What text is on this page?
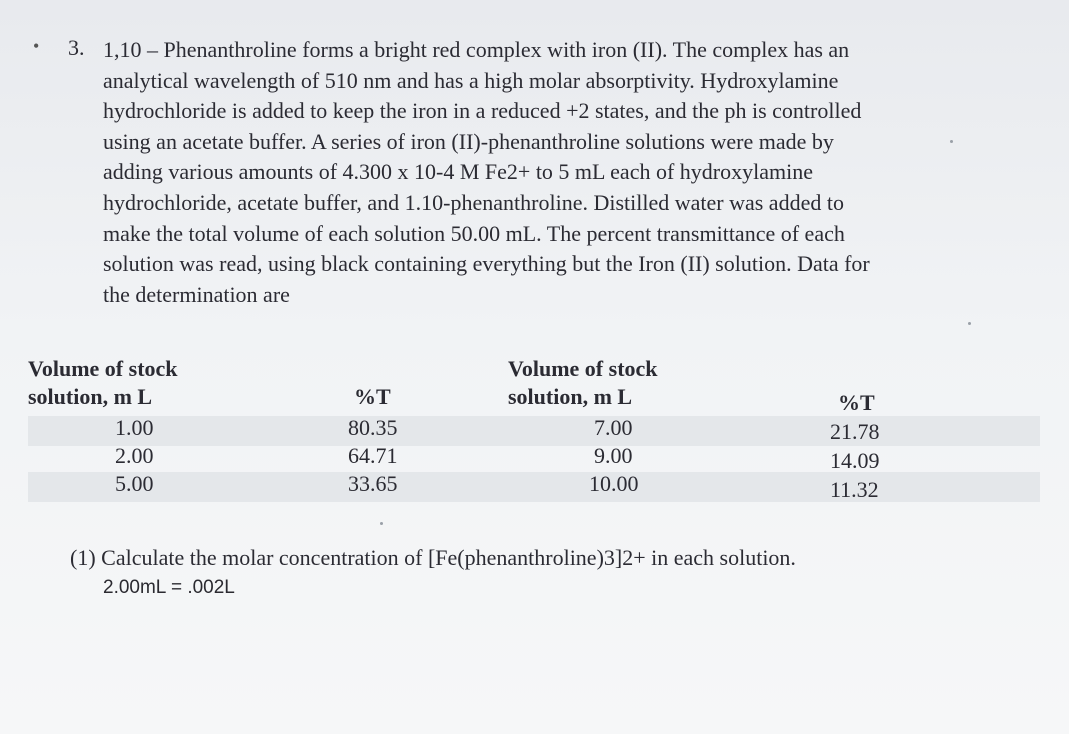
• 3. 1,10 – Phenanthroline forms a bright red complex with iron (II). The complex has an
analytical wavelength of 510 nm and has a high molar absorptivity. Hydroxylamine
hydrochloride is added to keep the iron in a reduced +2 states, and the ph is controlled
using an acetate buffer. A series of iron (II)-phenanthroline solutions were made by
adding various amounts of 4.300 x 10-4 M Fe2+ to 5 mL each of hydroxylamine
hydrochloride, acetate buffer, and 1.10-phenanthroline. Distilled water was added to
make the total volume of each solution 50.00 mL. The percent transmittance of each
solution was read, using black containing everything but the Iron (II) solution. Data for
the determination are
Volume of stock
solution, m L	%T
1.00	80.35
2.00	64.71
5.00	33.65
Volume of stock
solution, m L	%T
7.00	21.78
9.00	14.09
10.00	11.32
(1) Calculate the molar concentration of [Fe(phenanthroline)3]2+ in each solution.
2.00mL = .002L
